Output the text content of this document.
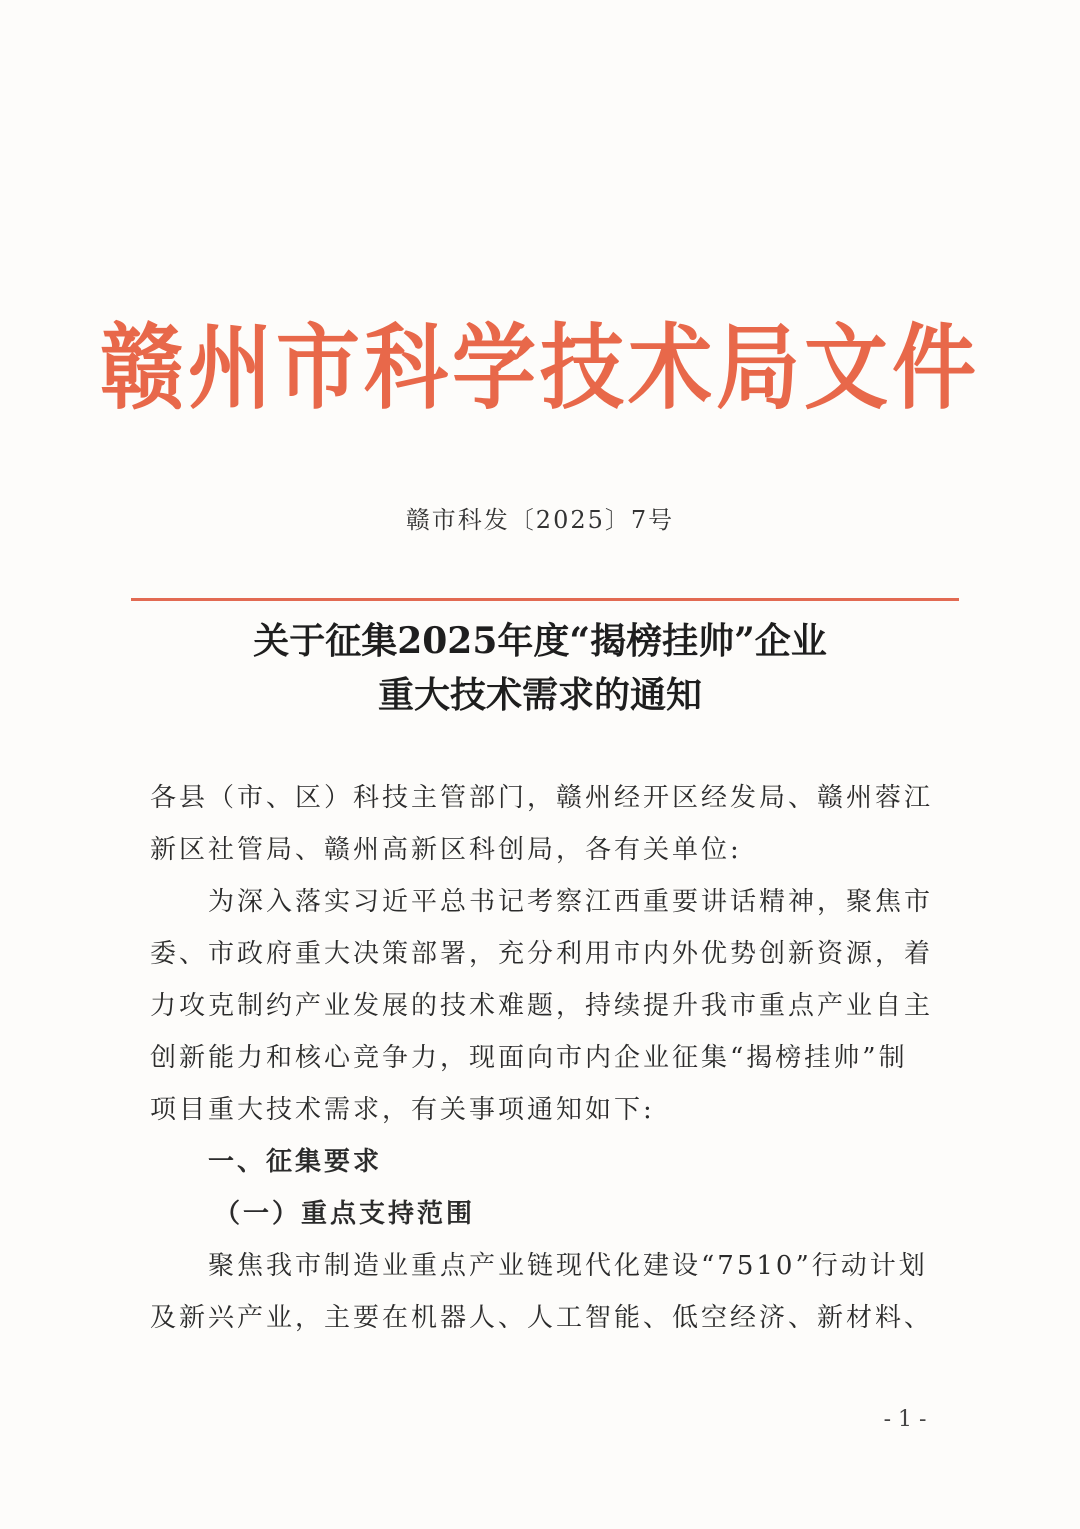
赣州市科学技术局文件
赣市科发〔2025〕7号
关于征集2025年度“揭榜挂帅”企业
重大技术需求的通知
各县（市、区）科技主管部门，赣州经开区经发局、赣州蓉江
新区社管局、赣州高新区科创局，各有关单位:
为深入落实习近平总书记考察江西重要讲话精神，聚焦市
委、市政府重大决策部署，充分利用市内外优势创新资源，着
力攻克制约产业发展的技术难题，持续提升我市重点产业自主
创新能力和核心竞争力，现面向市内企业征集“揭榜挂帅”制
项目重大技术需求，有关事项通知如下:
一、征集要求
（一）重点支持范围
聚焦我市制造业重点产业链现代化建设“7510”行动计划
及新兴产业，主要在机器人、人工智能、低空经济、新材料、
- 1 -
